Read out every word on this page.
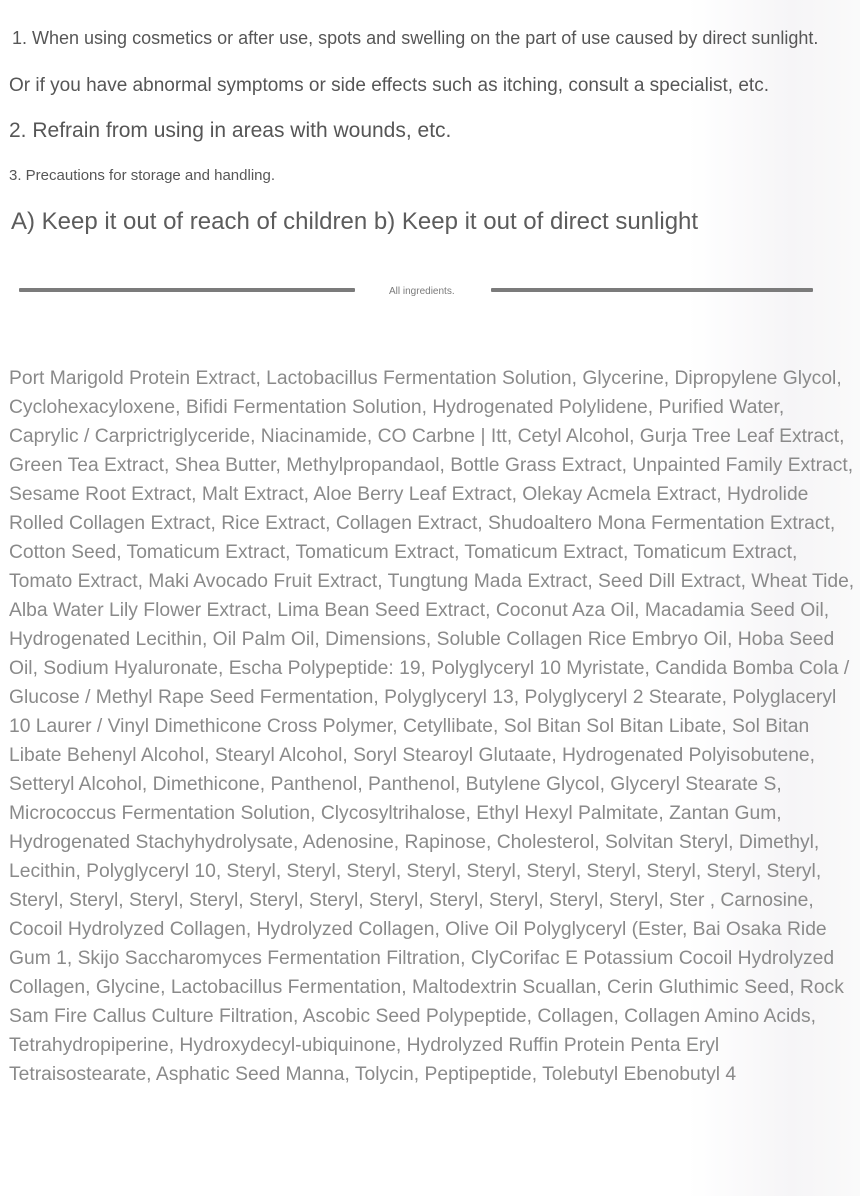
1. When using cosmetics or after use, spots and swelling on the part of use caused by direct sunlight.
Or if you have abnormal symptoms or side effects such as itching, consult a specialist, etc.
2. Refrain from using in areas with wounds, etc.
3. Precautions for storage and handling.
A) Keep it out of reach of children b) Keep it out of direct sunlight
All ingredients.

Port Marigold Protein Extract, Lactobacillus Fermentation Solution, Glycerine, Dipropylene Glycol, Cyclohexacyloxene, Bifidi Fermentation Solution, Hydrogenated Polylidene, Purified Water, Caprylic / Carprictriglyceride, Niacinamide, CO Carbne | Itt, Cetyl Alcohol, Gurja Tree Leaf Extract, Green Tea Extract, Shea Butter, Methylpropandaol, Bottle Grass Extract, Unpainted Family Extract, Sesame Root Extract, Malt Extract, Aloe Berry Leaf Extract, Olekay Acmela Extract, Hydrolide Rolled Collagen Extract, Rice Extract, Collagen Extract, Shudoaltero Mona Fermentation Extract, Cotton Seed, Tomaticum Extract, Tomaticum Extract, Tomaticum Extract, Tomaticum Extract, Tomato Extract, Maki Avocado Fruit Extract, Tungtung Mada Extract, Seed Dill Extract, Wheat Tide, Alba Water Lily Flower Extract, Lima Bean Seed Extract, Coconut Aza Oil, Macadamia Seed Oil, Hydrogenated Lecithin, Oil Palm Oil, Dimensions, Soluble Collagen Rice Embryo Oil, Hoba Seed Oil, Sodium Hyaluronate, Escha Polypeptide: 19, Polyglyceryl 10 Myristate, Candida Bomba Cola / Glucose / Methyl Rape Seed Fermentation, Polyglyceryl 13, Polyglyceryl 2 Stearate, Polyglaceryl 10 Laurer / Vinyl Dimethicone Cross Polymer, Cetyllibate, Sol Bitan Sol Bitan Libate, Sol Bitan Libate Behenyl Alcohol, Stearyl Alcohol, Soryl Stearoyl Glutaate, Hydrogenated Polyisobutene, Setteryl Alcohol, Dimethicone, Panthenol, Panthenol, Butylene Glycol, Glyceryl Stearate S, Micrococcus Fermentation Solution, Clycosyltrihalose, Ethyl Hexyl Palmitate, Zantan Gum, Hydrogenated Stachyhydrolysate, Adenosine, Rapinose, Cholesterol, Solvitan Steryl, Dimethyl, Lecithin, Polyglyceryl 10, Steryl, Steryl, Steryl, Steryl, Steryl, Steryl, Steryl, Steryl, Steryl, Steryl, Steryl, Steryl, Steryl, Steryl, Steryl, Steryl, Steryl, Steryl, Steryl, Steryl, Steryl, Ster , Carnosine, Cocoil Hydrolyzed Collagen, Hydrolyzed Collagen, Olive Oil Polyglyceryl (Ester, Bai Osaka Ride Gum 1, Skijo Saccharomyces Fermentation Filtration, ClyCorifac E Potassium Cocoil Hydrolyzed Collagen, Glycine, Lactobacillus Fermentation, Maltodextrin Scuallan, Cerin Gluthimic Seed, Rock Sam Fire Callus Culture Filtration, Ascobic Seed Polypeptide, Collagen, Collagen Amino Acids, Tetrahydropiperine, Hydroxydecyl-ubiquinone, Hydrolyzed Ruffin Protein Penta Eryl Tetraisostearate, Asphatic Seed Manna, Tolycin, Peptipeptide, Tolebutyl Ebenobutyl 4
